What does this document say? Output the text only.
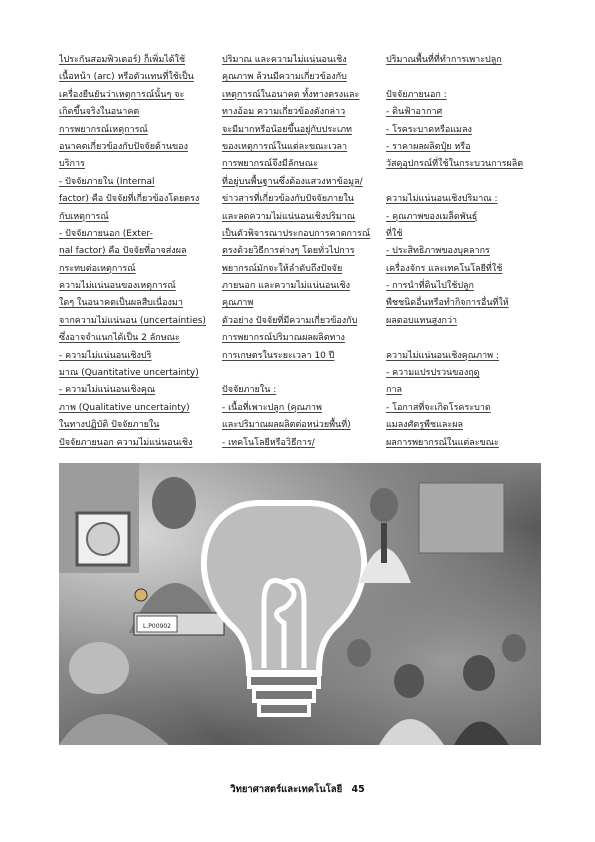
ไประกันสอมพิวเตอร์) ก็เพิ่มได้ใช้
เนื้อหน้า (arc) หรือตัวแทนที่ใช้เป็น
เครื่องยืนยันว่าเหตุการณ์นั้นๆ จะ
เกิดขึ้นจริงในอนาคต
การพยากรณ์เหตุการณ์
อนาคตเกี่ยวข้องกับปัจจัยด้านของ
บริการ
- ปัจจัยภายใน (Internal
factor) คือ ปัจจัยที่เกี่ยวข้องโดยตรง
กับเหตุการณ์
- ปัจจัยภายนอก (Exter-
nal factor) คือ ปัจจัยที่อาจส่งผล
กระทบต่อเหตุการณ์
ความไม่แน่นอนของเหตุการณ์
ใดๆ ในอนาคตเป็นผลสืบเนื่องมา
จากความไม่แน่นอน (uncertainties)
ซึ่งอาจจำแนกได้เป็น 2 ลักษณะ
- ความไม่แน่นอนเชิงปริ
มาณ (Quantitative uncertainty)
- ความไม่แน่นอนเชิงคุณ
ภาพ (Qualitative uncertainty)
ในทางปฏิบัติ ปัจจัยภายใน
ปัจจัยภายนอก ความไม่แน่นอนเชิง
ปริมาณ และความไม่แน่นอนเชิง
คุณภาพ ล้วนมีความเกี่ยวข้องกับ
เหตุการณ์ในอนาคต ทั้งทางตรงและ
ทางอ้อม ความเกี่ยวข้องดังกล่าว
จะมีมากหรือน้อยขึ้นอยู่กับประเภท
ของเหตุการณ์ในแต่ละขณะเวลา
การพยากรณ์จึงมีลักษณะ
ที่อยู่บนพื้นฐานซึ่งต้องแสวงหาข้อมูล/
ข่าวสารที่เกี่ยวข้องกับปัจจัยภายใน
และลดความไม่แน่นอนเชิงปริมาณ
เป็นตัวพิจารณาประกอบการคาดการณ์
ตรงด้วยวิธีการต่างๆ โดยทั่วไปการ
พยากรณ์มักจะให้ลำดับถึงปัจจัย
ภายนอก และความไม่แน่นอนเชิง
คุณภาพ
ตัวอย่าง ปัจจัยที่มีความเกี่ยวข้องกับ
การพยากรณ์ปริมาณผลผลิตทาง
การเกษตรในระยะเวลา 10 ปี
ปัจจัยภายใน :
- เนื้อที่เพาะปลูก (คุณภาพ
และปริมาณผลผลิตต่อหน่วยพื้นที่)
- เทคโนโลยีหรือวิธีการ/
ปริมาณพื้นที่ที่ทำการเพาะปลูก
ปัจจัยภายนอก :
- ดินฟ้าอากาศ
- โรคระบาดหรือแมลง
- ราคาผลผลิตปุ๋ย หรือ
วัสดุอุปกรณ์ที่ใช้ในกระบวนการผลิต
ความไม่แน่นอนเชิงปริมาณ :
- คุณภาพของเมล็ดพันธุ์
ที่ใช้
- ประสิทธิภาพของบุคลากร
เครื่องจักร และเทคโนโลยีที่ใช้
- การนำที่ดินไปใช้ปลูก
พืชชนิดอื่นหรือทำกิจการอื่นที่ให้
ผลตอบแทนสูงกว่า
ความไม่แน่นอนเชิงคุณภาพ :
- ความแปรปรวนของฤดู
กาล
- โอกาสที่จะเกิดโรคระบาด
แมลงศัตรูพืชและผล
ผลการพยากรณ์ในแต่ละขณะ
L.P00902
วิทยาศาสตร์และเทคโนโลยี 45
